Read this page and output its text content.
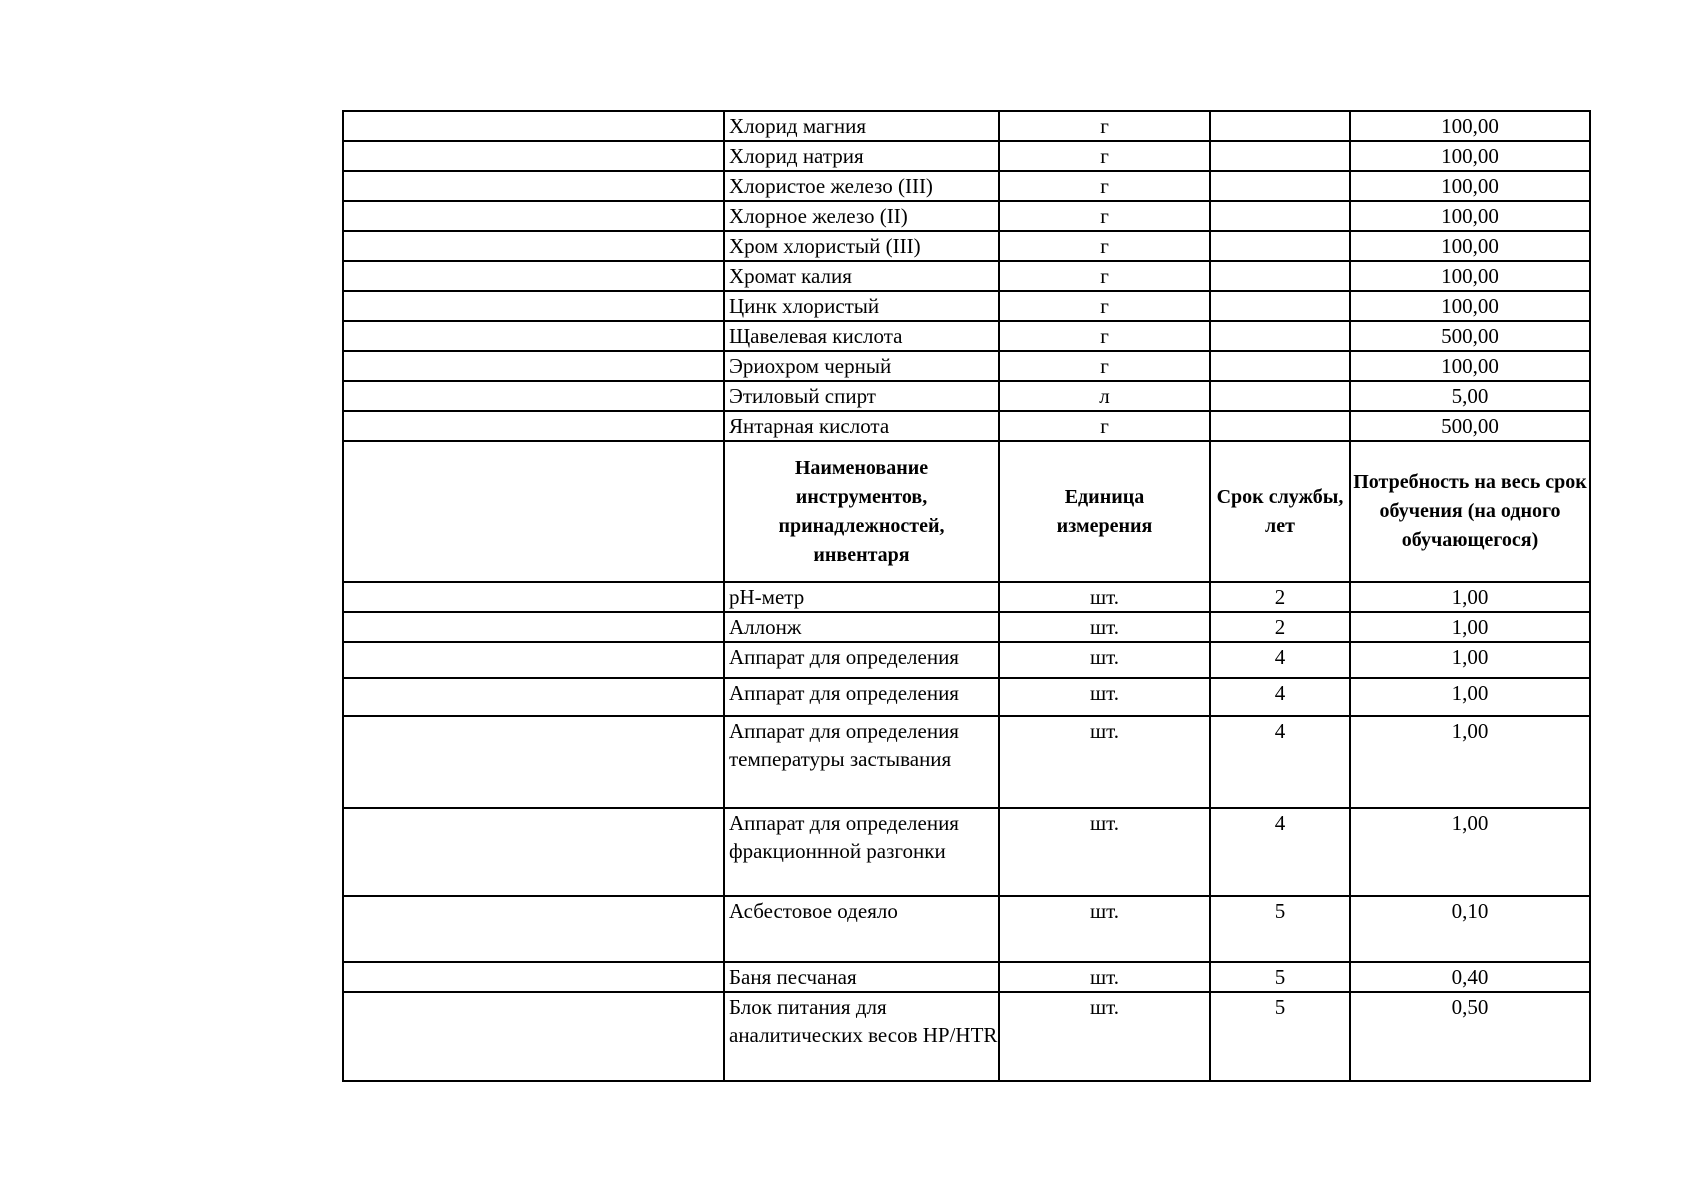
	Хлорид магния	г		100,00
	Хлорид натрия	г		100,00
	Хлористое железо (III)	г		100,00
	Хлорное железо (II)	г		100,00
	Хром хлористый (III)	г		100,00
	Хромат калия	г		100,00
	Цинк хлористый	г		100,00
	Щавелевая кислота	г		500,00
	Эриохром черный	г		100,00
	Этиловый спирт	л		5,00
	Янтарная кислота	г		500,00
	Наименование инструментов, принадлежностей, инвентаря	Единица измерения	Срок службы, лет	Потребность на весь срок обучения (на одного обучающегося)
	pH-метр	шт.	2	1,00
	Аллонж	шт.	2	1,00
	Аппарат для определения	шт.	4	1,00
	Аппарат для определения	шт.	4	1,00
	Аппарат для определения температуры застывания	шт.	4	1,00
	Аппарат для определения фракционнной разгонки	шт.	4	1,00
	Асбестовое одеяло	шт.	5	0,10
	Баня песчаная	шт.	5	0,40
	Блок питания для аналитических весов HP/HTR	шт.	5	0,50
